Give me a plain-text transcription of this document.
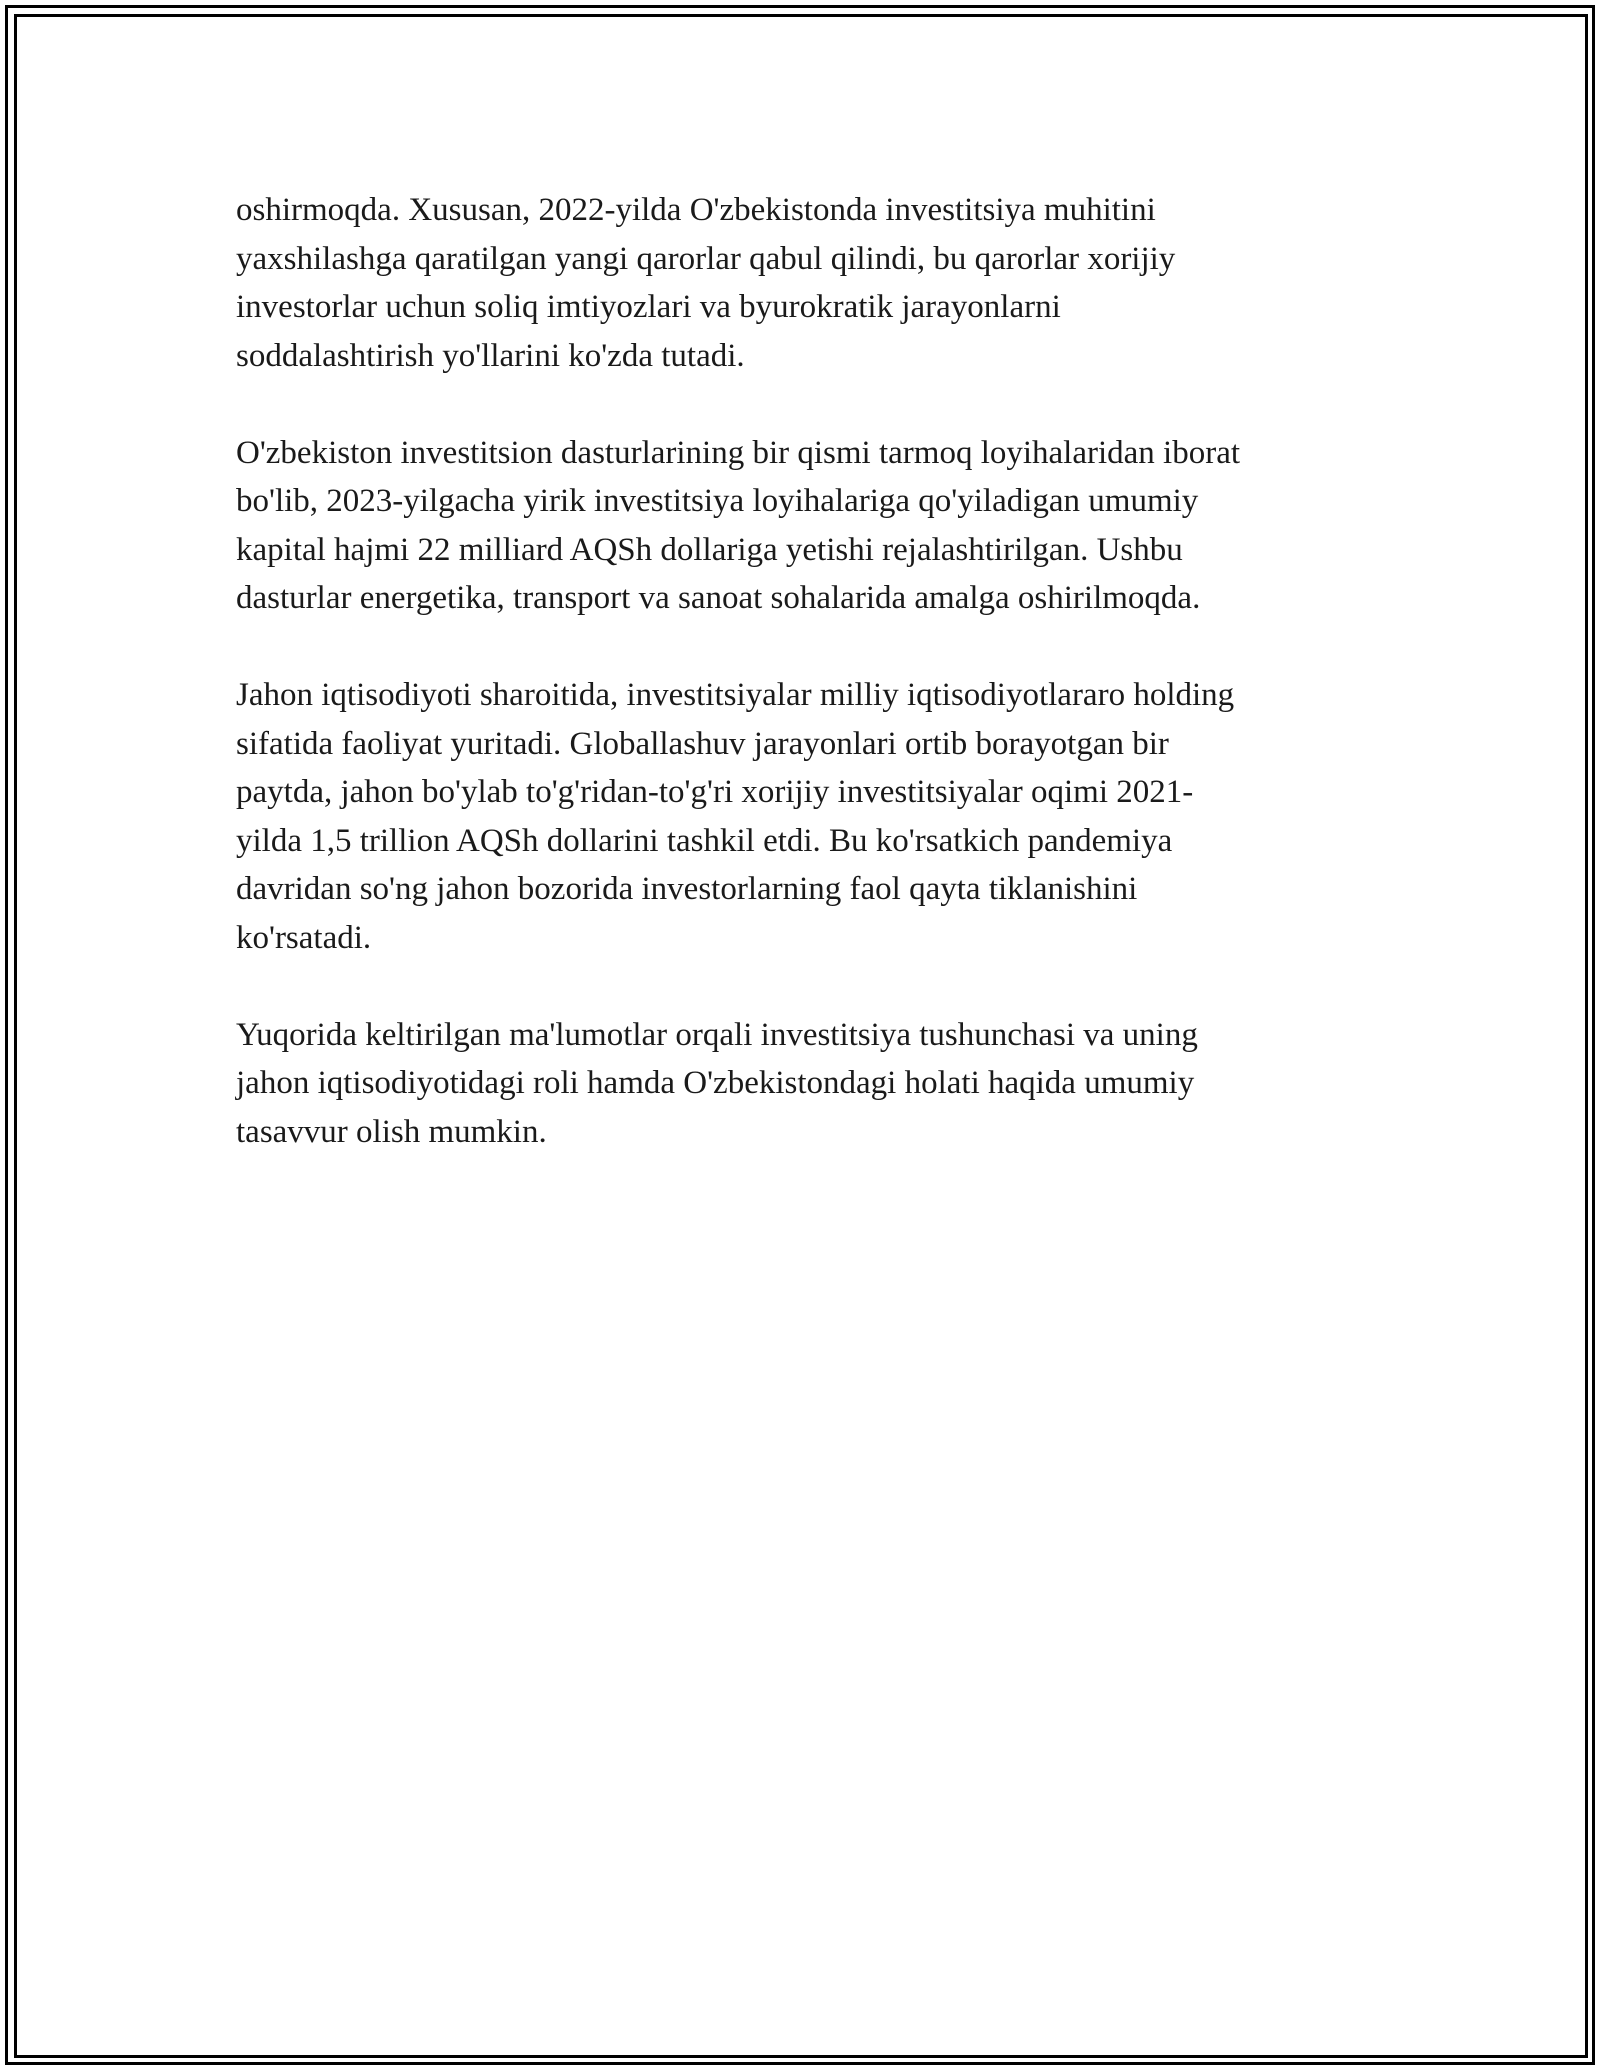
oshirmoqda. Xususan, 2022-yilda O'zbekistonda investitsiya muhitini
yaxshilashga qaratilgan yangi qarorlar qabul qilindi, bu qarorlar xorijiy
investorlar uchun soliq imtiyozlari va byurokratik jarayonlarni
soddalashtirish yo'llarini ko'zda tutadi.

O'zbekiston investitsion dasturlarining bir qismi tarmoq loyihalaridan iborat
bo'lib, 2023-yilgacha yirik investitsiya loyihalariga qo'yiladigan umumiy
kapital hajmi 22 milliard AQSh dollariga yetishi rejalashtirilgan. Ushbu
dasturlar energetika, transport va sanoat sohalarida amalga oshirilmoqda.

Jahon iqtisodiyoti sharoitida, investitsiyalar milliy iqtisodiyotlararo holding
sifatida faoliyat yuritadi. Globallashuv jarayonlari ortib borayotgan bir
paytda, jahon bo'ylab to'g'ridan-to'g'ri xorijiy investitsiyalar oqimi 2021-
yilda 1,5 trillion AQSh dollarini tashkil etdi. Bu ko'rsatkich pandemiya
davridan so'ng jahon bozorida investorlarning faol qayta tiklanishini
ko'rsatadi.

Yuqorida keltirilgan ma'lumotlar orqali investitsiya tushunchasi va uning
jahon iqtisodiyotidagi roli hamda O'zbekistondagi holati haqida umumiy
tasavvur olish mumkin.
